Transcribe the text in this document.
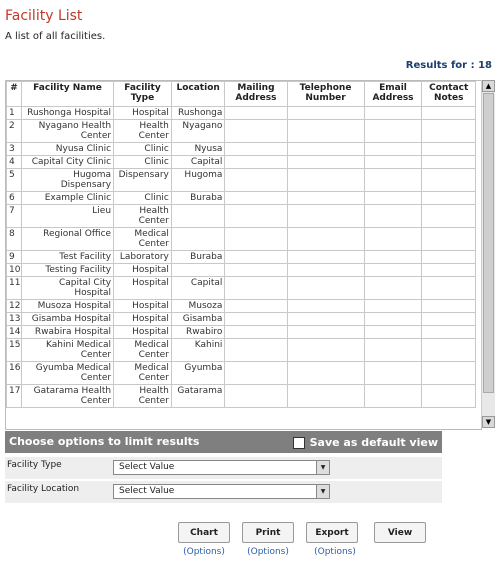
Facility List
A list of all facilities.
Results for : 18
#	Facility Name	Facility Type	Location	Mailing Address	Telephone Number	Email Address	Contact Notes
1	Rushonga Hospital	Hospital	Rushonga				
2	Nyagano Health Center	Health Center	Nyagano				
3	Nyusa Clinic	Clinic	Nyusa				
4	Capital City Clinic	Clinic	Capital				
5	Hugoma Dispensary	Dispensary	Hugoma				
6	Example Clinic	Clinic	Buraba				
7	Lieu	Health Center					
8	Regional Office	Medical Center					
9	Test Facility	Laboratory	Buraba				
10	Testing Facility	Hospital					
11	Capital City Hospital	Hospital	Capital				
12	Musoza Hospital	Hospital	Musoza				
13	Gisamba Hospital	Hospital	Gisamba				
14	Rwabira Hospital	Hospital	Rwabiro				
15	Kahini Medical Center	Medical Center	Kahini				
16	Gyumba Medical Center	Medical Center	Gyumba				
17	Gatarama Health Center	Health Center	Gatarama				
▲
▼
Choose options to limit results	Save as default view
Facility Type	Select Value	▼
Facility Location	Select Value	▼
Chart	Print	Export	View
(Options)	(Options)	(Options)
